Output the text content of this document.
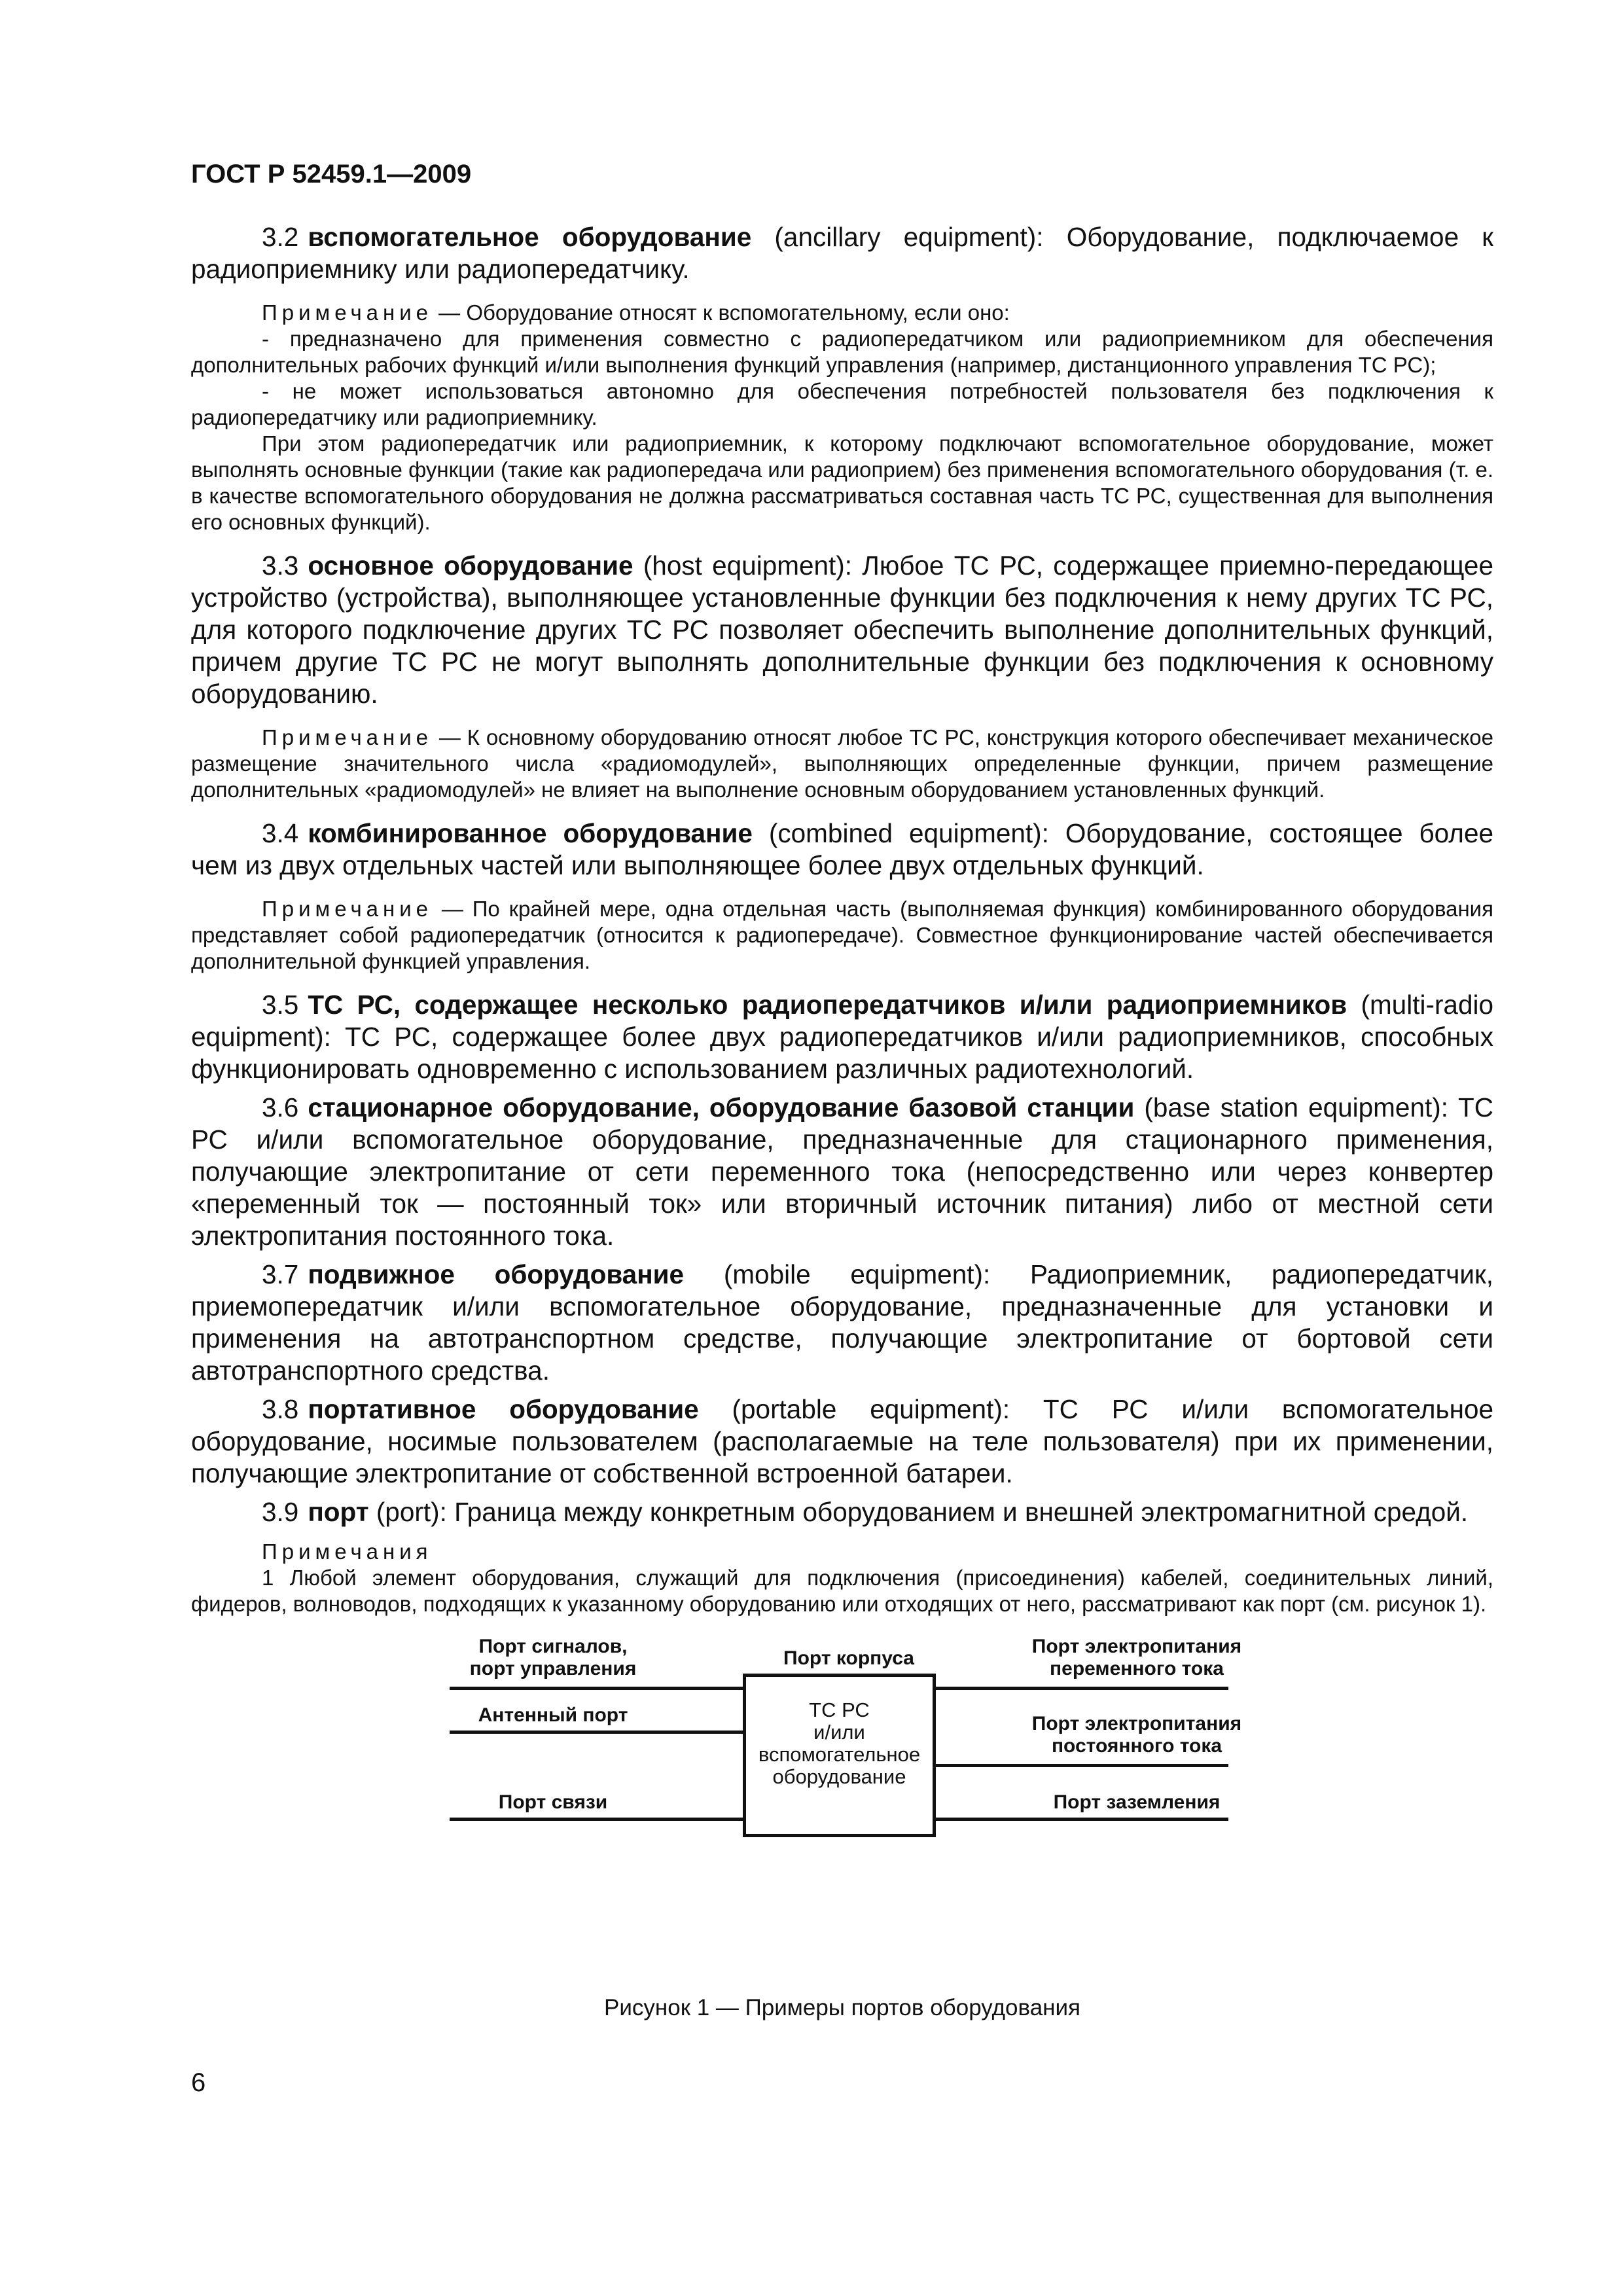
ГОСТ Р 52459.1—2009

3.2 вспомогательное оборудование (ancillary equipment): Оборудование, подключаемое к радиоприемнику или радиопередатчику.

Примечание — Оборудование относят к вспомогательному, если оно:

- предназначено для применения совместно с радиопередатчиком или радиоприемником для обеспечения дополнительных рабочих функций и/или выполнения функций управления (например, дистанционного управления ТС РС);

- не может использоваться автономно для обеспечения потребностей пользователя без подключения к радиопередатчику или радиоприемнику.

При этом радиопередатчик или радиоприемник, к которому подключают вспомогательное оборудование, может выполнять основные функции (такие как радиопередача или радиоприем) без применения вспомогательного оборудования (т. е. в качестве вспомогательного оборудования не должна рассматриваться составная часть ТС РС, существенная для выполнения его основных функций).

3.3 основное оборудование (host equipment): Любое ТС РС, содержащее приемно-передающее устройство (устройства), выполняющее установленные функции без подключения к нему других ТС РС, для которого подключение других ТС РС позволяет обеспечить выполнение дополнительных функций, причем другие ТС РС не могут выполнять дополнительные функции без подключения к основному оборудованию.

Примечание — К основному оборудованию относят любое ТС РС, конструкция которого обеспечивает механическое размещение значительного числа «радиомодулей», выполняющих определенные функции, причем размещение дополнительных «радиомодулей» не влияет на выполнение основным оборудованием установленных функций.

3.4 комбинированное оборудование (combined equipment): Оборудование, состоящее более чем из двух отдельных частей или выполняющее более двух отдельных функций.

Примечание — По крайней мере, одна отдельная часть (выполняемая функция) комбинированного оборудования представляет собой радиопередатчик (относится к радиопередаче). Совместное функционирование частей обеспечивается дополнительной функцией управления.

3.5 ТС РС, содержащее несколько радиопередатчиков и/или радиоприемников (multi-radio equipment): ТС РС, содержащее более двух радиопередатчиков и/или радиоприемников, способных функционировать одновременно с использованием различных радиотехнологий.

3.6 стационарное оборудование, оборудование базовой станции (base station equipment): ТС РС и/или вспомогательное оборудование, предназначенные для стационарного применения, получающие электропитание от сети переменного тока (непосредственно или через конвертер «переменный ток — постоянный ток» или вторичный источник питания) либо от местной сети электропитания постоянного тока.

3.7 подвижное оборудование (mobile equipment): Радиоприемник, радиопередатчик, приемопередатчик и/или вспомогательное оборудование, предназначенные для установки и применения на автотранспортном средстве, получающие электропитание от бортовой сети автотранспортного средства.

3.8 портативное оборудование (portable equipment): ТС РС и/или вспомогательное оборудование, носимые пользователем (располагаемые на теле пользователя) при их применении, получающие электропитание от собственной встроенной батареи.

3.9 порт (port): Граница между конкретным оборудованием и внешней электромагнитной средой.

Примечания

1 Любой элемент оборудования, служащий для подключения (присоединения) кабелей, соединительных линий, фидеров, волноводов, подходящих к указанному оборудованию или отходящих от него, рассматривают как порт (см. рисунок 1).

Порт сигналов,
порт управления
Антенный порт
Порт связи
Порт корпуса
Порт электропитания
переменного тока
Порт электропитания
постоянного тока
Порт заземления
ТС РС
и/или
вспомогательное
оборудование
Рисунок 1 — Примеры портов оборудования
6
